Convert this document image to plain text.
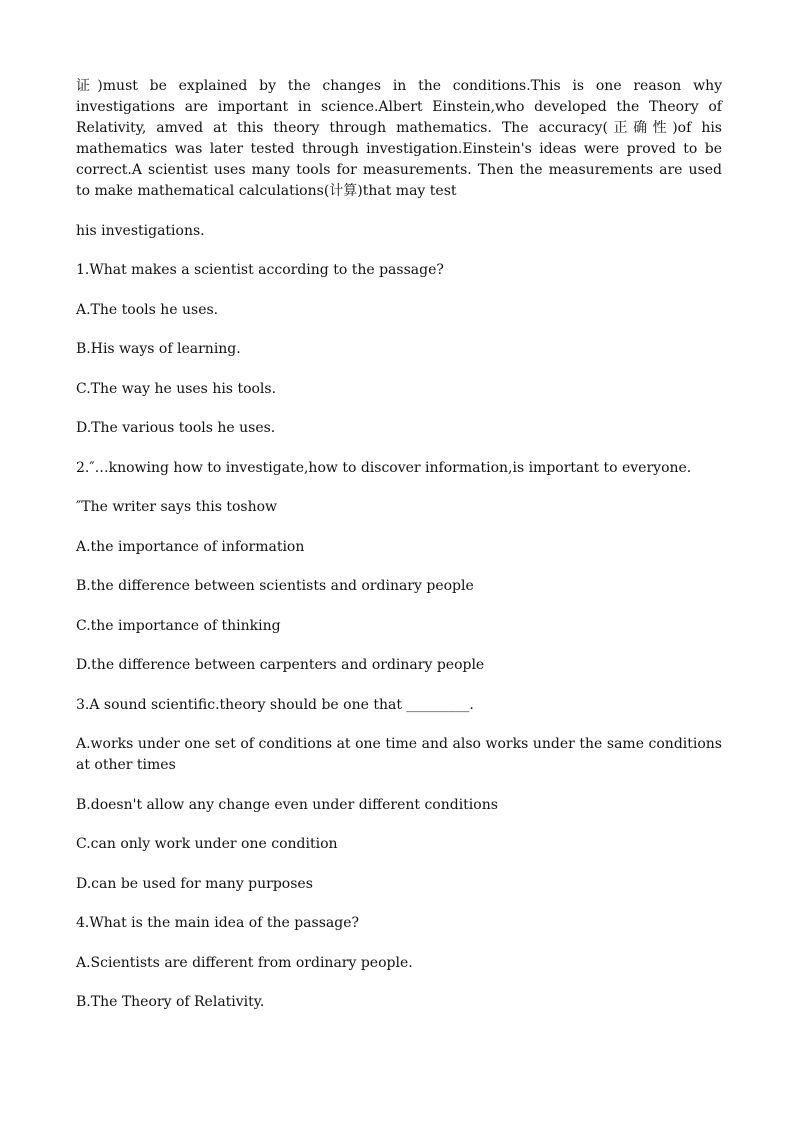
证)must be explained by the changes in the conditions.This is one reason why investigations are important in science.Albert Einstein,who developed the Theory of Relativity, amved at this theory through mathematics. The accuracy(正确性)of his mathematics was later tested through investigation.Einstein's ideas were proved to be correct.A scientist uses many tools for measurements. Then the measurements are used to make mathematical calculations(计算)that may test

his investigations.

1.What makes a scientist according to the passage?

A.The tools he uses.

B.His ways of learning.

C.The way he uses his tools.

D.The various tools he uses.

2.″…knowing how to investigate,how to discover information,is important to everyone.

″The writer says this toshow

A.the importance of information

B.the difference between scientists and ordinary people

C.the importance of thinking

D.the difference between carpenters and ordinary people

3.A sound scientific.theory should be one that _________.

A.works under one set of conditions at one time and also works under the same conditions at other times

B.doesn't allow any change even under different conditions

C.can only work under one condition

D.can be used for many purposes

4.What is the main idea of the passage?

A.Scientists are different from ordinary people.

B.The Theory of Relativity.
